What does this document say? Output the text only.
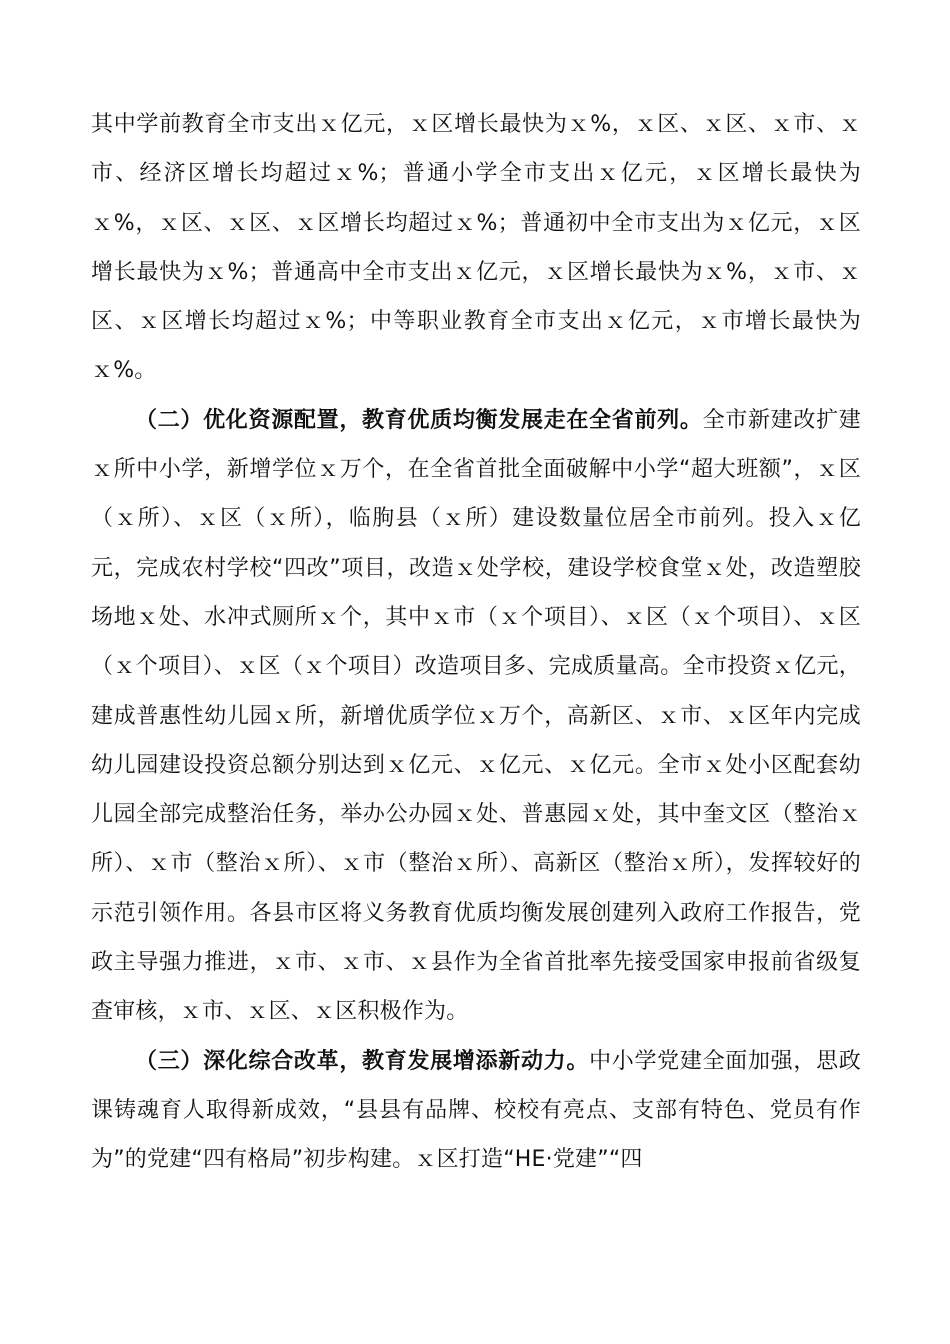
其中学前教育全市支出ｘ亿元，ｘ区增长最快为ｘ%，ｘ区、ｘ区、ｘ市、ｘ市、经济区增长均超过ｘ%；普通小学全市支出ｘ亿元，ｘ区增长最快为ｘ%，ｘ区、ｘ区、ｘ区增长均超过ｘ%；普通初中全市支出为ｘ亿元，ｘ区增长最快为ｘ%；普通高中全市支出ｘ亿元，ｘ区增长最快为ｘ%，ｘ市、ｘ区、ｘ区增长均超过ｘ%；中等职业教育全市支出ｘ亿元，ｘ市增长最快为ｘ%。

（二）优化资源配置，教育优质均衡发展走在全省前列。全市新建改扩建ｘ所中小学，新增学位ｘ万个，在全省首批全面破解中小学“超大班额”，ｘ区（ｘ所）、ｘ区（ｘ所），临朐县（ｘ所）建设数量位居全市前列。投入ｘ亿元，完成农村学校“四改”项目，改造ｘ处学校，建设学校食堂ｘ处，改造塑胶场地ｘ处、水冲式厕所ｘ个，其中ｘ市（ｘ个项目）、ｘ区（ｘ个项目）、ｘ区（ｘ个项目）、ｘ区（ｘ个项目）改造项目多、完成质量高。全市投资ｘ亿元，建成普惠性幼儿园ｘ所，新增优质学位ｘ万个，高新区、ｘ市、ｘ区年内完成幼儿园建设投资总额分别达到ｘ亿元、ｘ亿元、ｘ亿元。全市ｘ处小区配套幼儿园全部完成整治任务，举办公办园ｘ处、普惠园ｘ处，其中奎文区（整治ｘ所）、ｘ市（整治ｘ所）、ｘ市（整治ｘ所）、高新区（整治ｘ所），发挥较好的示范引领作用。各县市区将义务教育优质均衡发展创建列入政府工作报告，党政主导强力推进，ｘ市、ｘ市、ｘ县作为全省首批率先接受国家申报前省级复查审核，ｘ市、ｘ区、ｘ区积极作为。

（三）深化综合改革，教育发展增添新动力。中小学党建全面加强，思政课铸魂育人取得新成效，“县县有品牌、校校有亮点、支部有特色、党员有作为”的党建“四有格局”初步构建。ｘ区打造“HE·党建”“四
